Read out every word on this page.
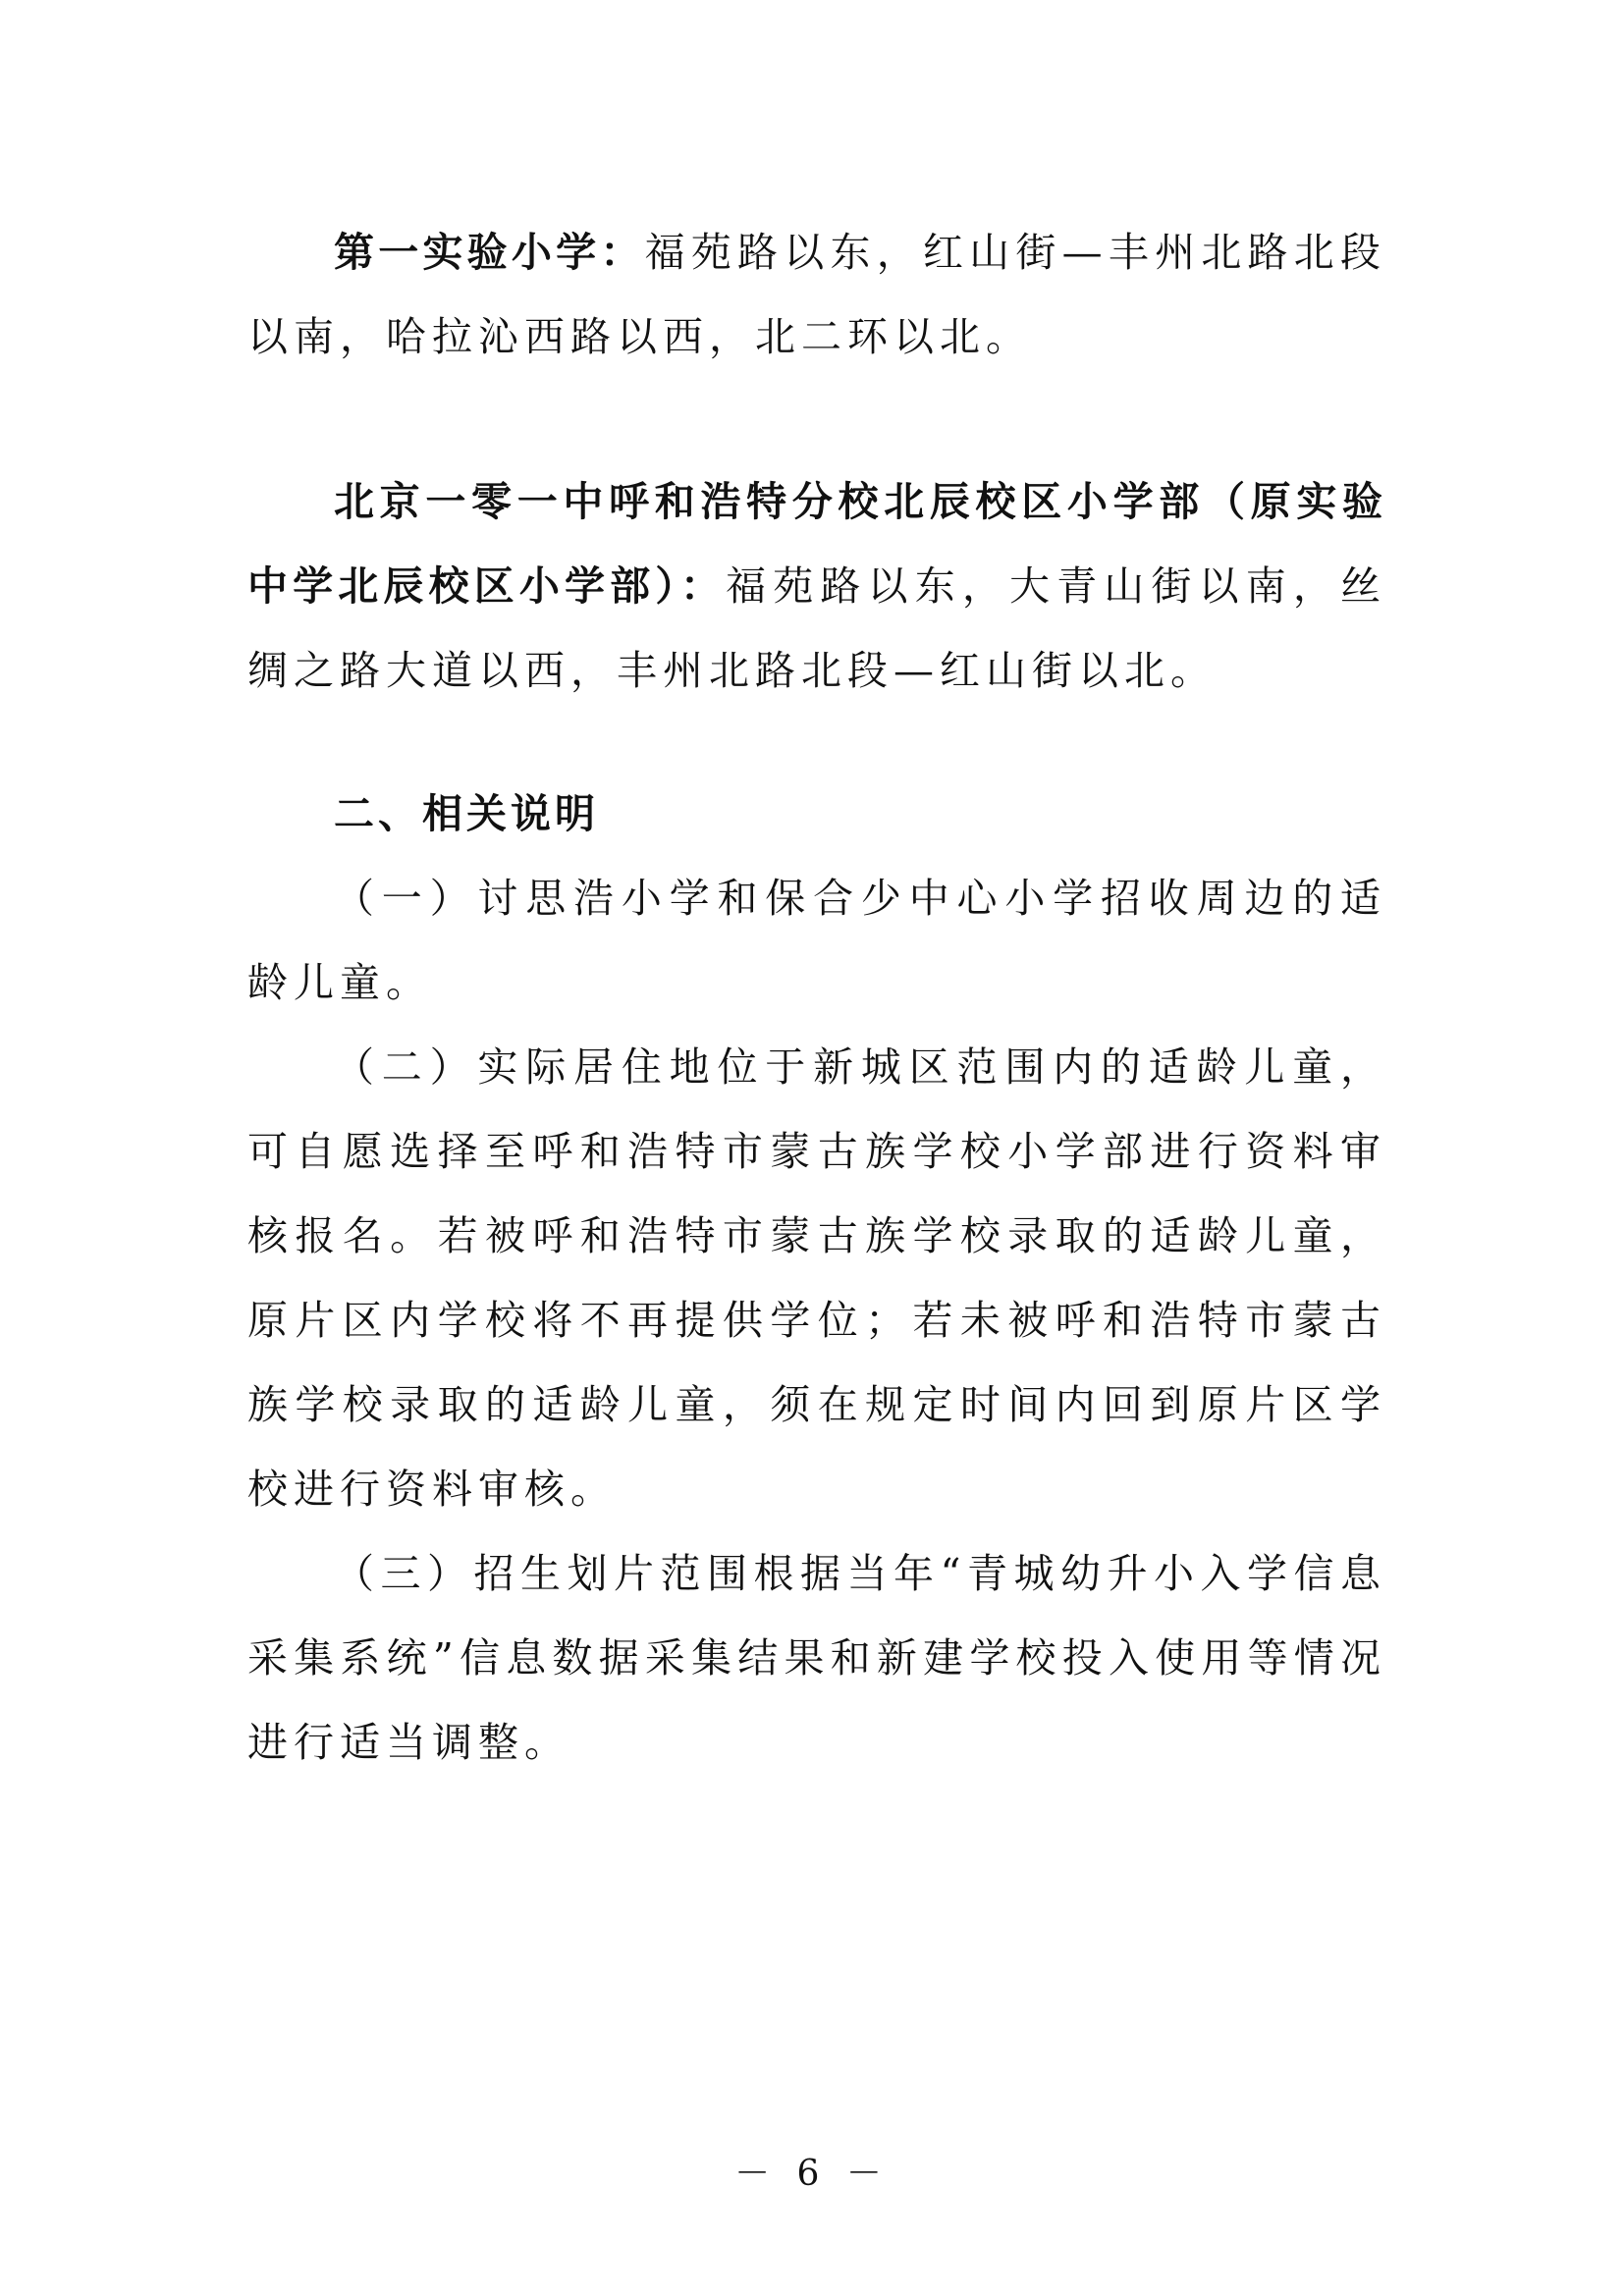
第一实验小学：福苑路以东，红山街—丰州北路北段以南，哈拉沁西路以西，北二环以北。

北京一零一中呼和浩特分校北辰校区小学部（原实验中学北辰校区小学部）：福苑路以东，大青山街以南，丝绸之路大道以西，丰州北路北段—红山街以北。

二、相关说明

（一）讨思浩小学和保合少中心小学招收周边的适龄儿童。

（二）实际居住地位于新城区范围内的适龄儿童，可自愿选择至呼和浩特市蒙古族学校小学部进行资料审核报名。若被呼和浩特市蒙古族学校录取的适龄儿童，原片区内学校将不再提供学位；若未被呼和浩特市蒙古族学校录取的适龄儿童，须在规定时间内回到原片区学校进行资料审核。

（三）招生划片范围根据当年“青城幼升小入学信息采集系统”信息数据采集结果和新建学校投入使用等情况进行适当调整。

－ 6 －
